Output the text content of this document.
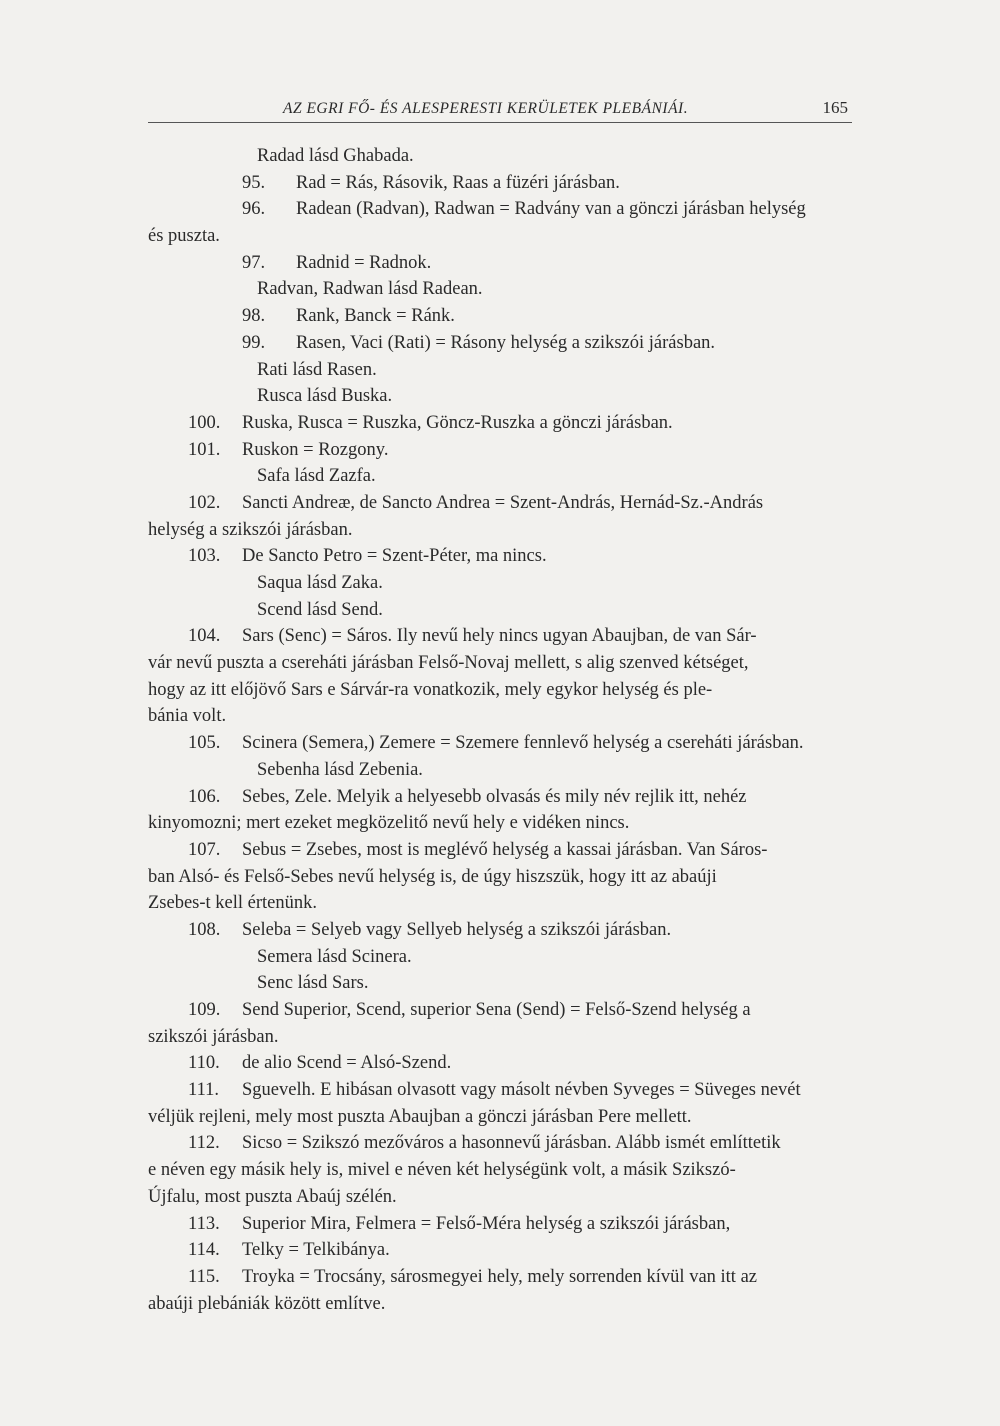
AZ EGRI FŐ- ÉS ALESPERESTI KERÜLETEK PLEBÁNIÁI.	165
Radad lásd Ghabada.
95. Rad = Rás, Rásovik, Raas a füzéri járásban.
96. Radean (Radvan), Radwan = Radvány van a gönczi járásban helység
és puszta.
97. Radnid = Radnok.
Radvan, Radwan lásd Radean.
98. Rank, Banck = Ránk.
99. Rasen, Vaci (Rati) = Rásony helység a szikszói járásban.
Rati lásd Rasen.
Rusca lásd Buska.
100. Ruska, Rusca = Ruszka, Göncz-Ruszka a gönczi járásban.
101. Ruskon = Rozgony.
Safa lásd Zazfa.
102. Sancti Andreæ, de Sancto Andrea = Szent-András, Hernád-Sz.-András
helység a szikszói járásban.
103. De Sancto Petro = Szent-Péter, ma nincs.
Saqua lásd Zaka.
Scend lásd Send.
104. Sars (Senc) = Sáros. Ily nevű hely nincs ugyan Abaujban, de van Sár-
vár nevű puszta a csereháti járásban Felső-Novaj mellett, s alig szenved kétséget,
hogy az itt előjövő Sars e Sárvár-ra vonatkozik, mely egykor helység és ple-
bánia volt.
105. Scinera (Semera,) Zemere = Szemere fennlevő helység a csereháti járásban.
Sebenha lásd Zebenia.
106. Sebes, Zele. Melyik a helyesebb olvasás és mily név rejlik itt, nehéz
kinyomozni; mert ezeket megközelitő nevű hely e vidéken nincs.
107. Sebus = Zsebes, most is meglévő helység a kassai járásban. Van Sáros-
ban Alsó- és Felső-Sebes nevű helység is, de úgy hiszszük, hogy itt az abaúji
Zsebes-t kell értenünk.
108. Seleba = Selyeb vagy Sellyeb helység a szikszói járásban.
Semera lásd Scinera.
Senc lásd Sars.
109. Send Superior, Scend, superior Sena (Send) = Felső-Szend helység a
szikszói járásban.
110. de alio Scend = Alsó-Szend.
111. Sguevelh. E hibásan olvasott vagy másolt névben Syveges = Süveges nevét
véljük rejleni, mely most puszta Abaujban a gönczi járásban Pere mellett.
112. Sicso = Szikszó mezőváros a hasonnevű járásban. Alább ismét említtetik
e néven egy másik hely is, mivel e néven két helységünk volt, a másik Szikszó-
Újfalu, most puszta Abaúj szélén.
113. Superior Mira, Felmera = Felső-Méra helység a szikszói járásban,
114. Telky = Telkibánya.
115. Troyka = Trocsány, sárosmegyei hely, mely sorrenden kívül van itt az
abaúji plebániák között említve.
